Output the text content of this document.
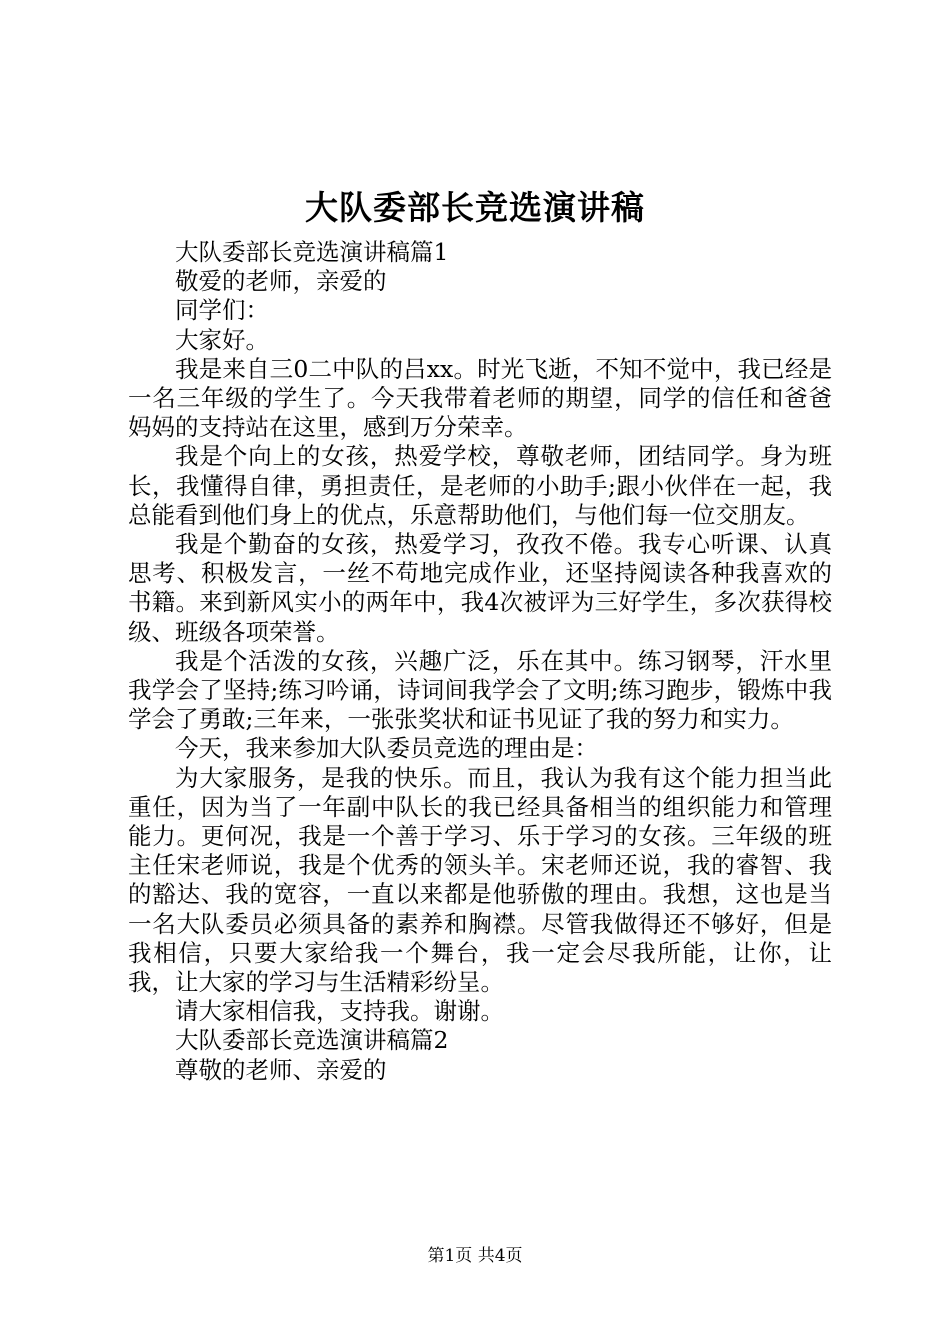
大队委部长竞选演讲稿

大队委部长竞选演讲稿篇1

敬爱的老师，亲爱的

同学们：

大家好。

我是来自三0二中队的吕xx。时光飞逝，不知不觉中，我已经是一名三年级的学生了。今天我带着老师的期望，同学的信任和爸爸妈妈的支持站在这里，感到万分荣幸。

我是个向上的女孩，热爱学校，尊敬老师，团结同学。身为班长，我懂得自律，勇担责任，是老师的小助手;跟小伙伴在一起，我总能看到他们身上的优点，乐意帮助他们，与他们每一位交朋友。

我是个勤奋的女孩，热爱学习，孜孜不倦。我专心听课、认真思考、积极发言，一丝不苟地完成作业，还坚持阅读各种我喜欢的书籍。来到新风实小的两年中，我4次被评为三好学生，多次获得校级、班级各项荣誉。

我是个活泼的女孩，兴趣广泛，乐在其中。练习钢琴，汗水里我学会了坚持;练习吟诵，诗词间我学会了文明;练习跑步，锻炼中我学会了勇敢;三年来，一张张奖状和证书见证了我的努力和实力。

今天，我来参加大队委员竞选的理由是：

为大家服务，是我的快乐。而且，我认为我有这个能力担当此重任，因为当了一年副中队长的我已经具备相当的组织能力和管理能力。更何况，我是一个善于学习、乐于学习的女孩。三年级的班主任宋老师说，我是个优秀的领头羊。宋老师还说，我的睿智、我的豁达、我的宽容，一直以来都是他骄傲的理由。我想，这也是当一名大队委员必须具备的素养和胸襟。尽管我做得还不够好，但是我相信，只要大家给我一个舞台，我一定会尽我所能，让你，让我，让大家的学习与生活精彩纷呈。

请大家相信我，支持我。谢谢。

大队委部长竞选演讲稿篇2

尊敬的老师、亲爱的

第1页 共4页
